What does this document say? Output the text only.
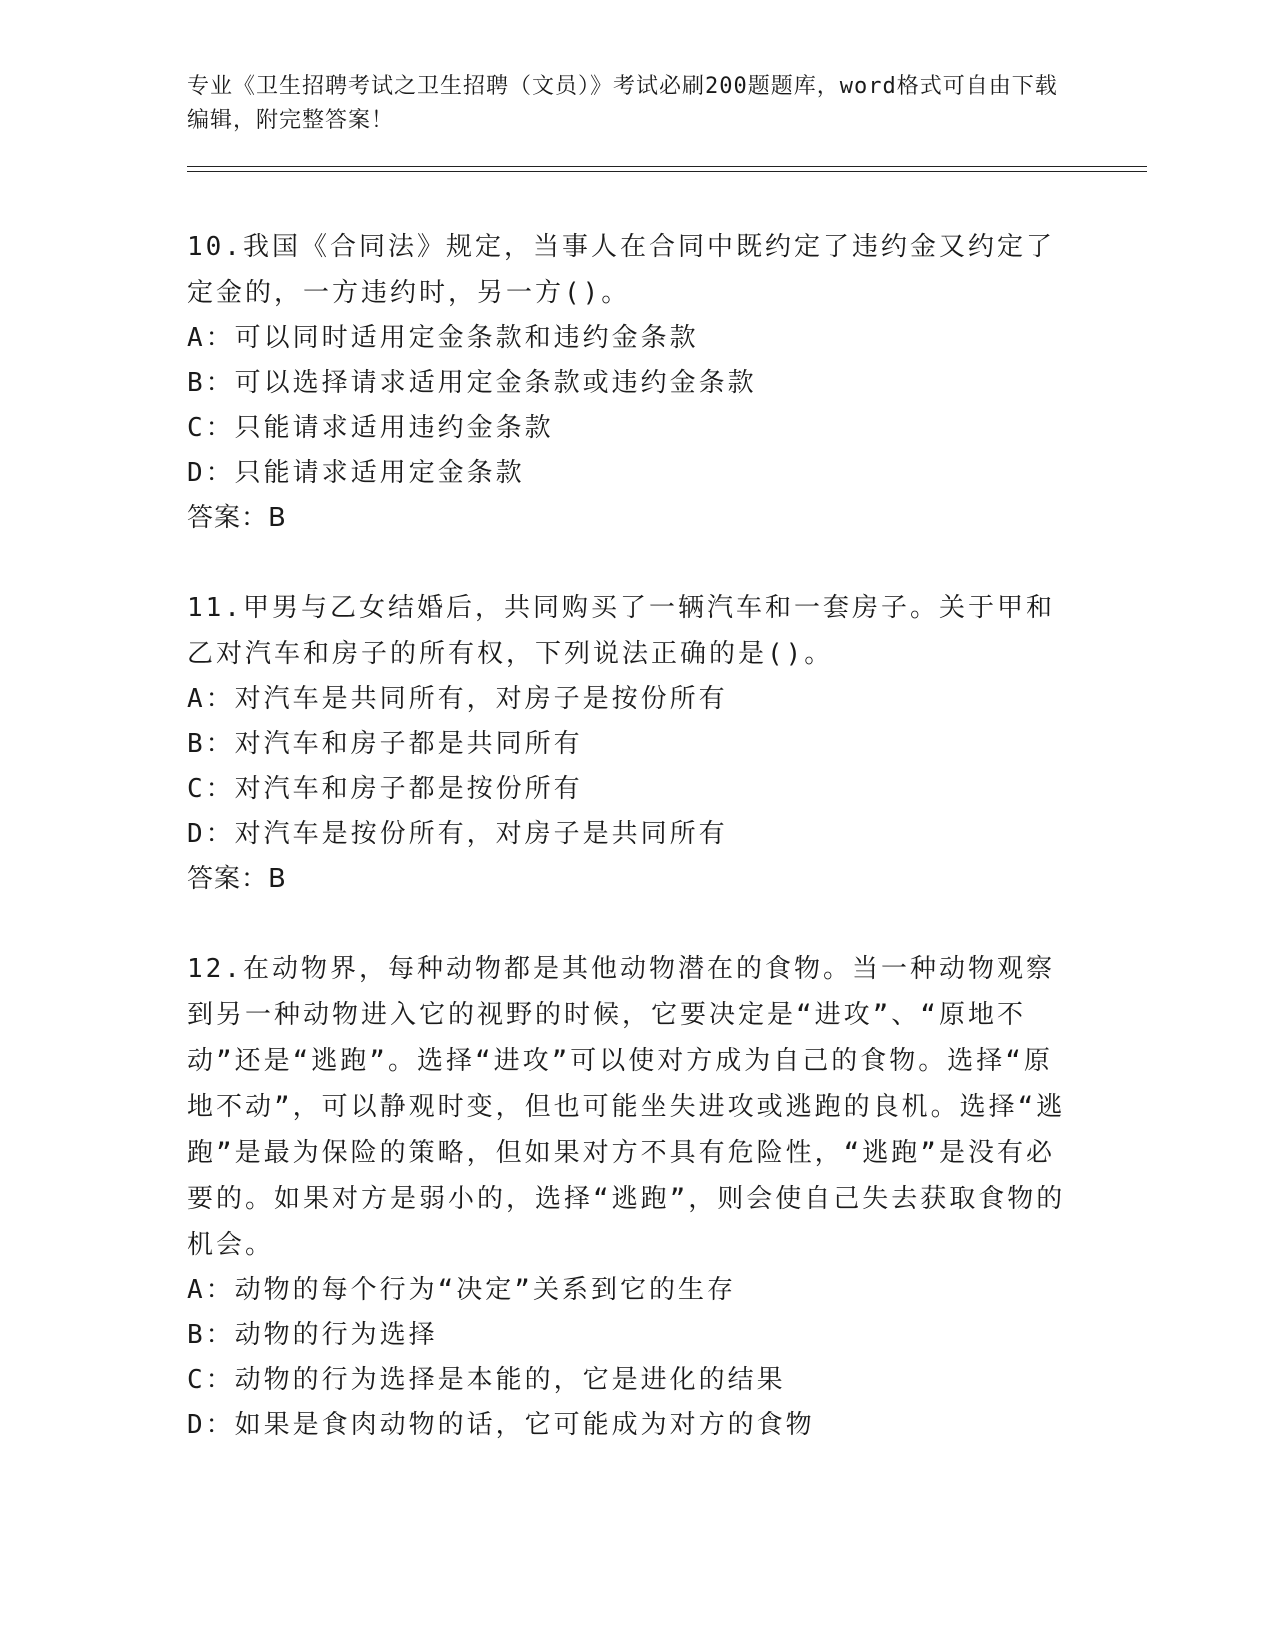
专业《卫生招聘考试之卫生招聘（文员）》考试必刷200题题库，word格式可自由下载编辑，附完整答案！

10.我国《合同法》规定，当事人在合同中既约定了违约金又约定了定金的，一方违约时，另一方()。

A：可以同时适用定金条款和违约金条款

B：可以选择请求适用定金条款或违约金条款

C：只能请求适用违约金条款

D：只能请求适用定金条款

答案：B

11.甲男与乙女结婚后，共同购买了一辆汽车和一套房子。关于甲和乙对汽车和房子的所有权，下列说法正确的是()。

A：对汽车是共同所有，对房子是按份所有

B：对汽车和房子都是共同所有

C：对汽车和房子都是按份所有

D：对汽车是按份所有，对房子是共同所有

答案：B

12.在动物界，每种动物都是其他动物潜在的食物。当一种动物观察到另一种动物进入它的视野的时候，它要决定是“进攻”、“原地不动”还是“逃跑”。选择“进攻”可以使对方成为自己的食物。选择“原地不动”，可以静观时变，但也可能坐失进攻或逃跑的良机。选择“逃跑”是最为保险的策略，但如果对方不具有危险性，“逃跑”是没有必要的。如果对方是弱小的，选择“逃跑”，则会使自己失去获取食物的机会。

A：动物的每个行为“决定”关系到它的生存

B：动物的行为选择

C：动物的行为选择是本能的，它是进化的结果

D：如果是食肉动物的话，它可能成为对方的食物
